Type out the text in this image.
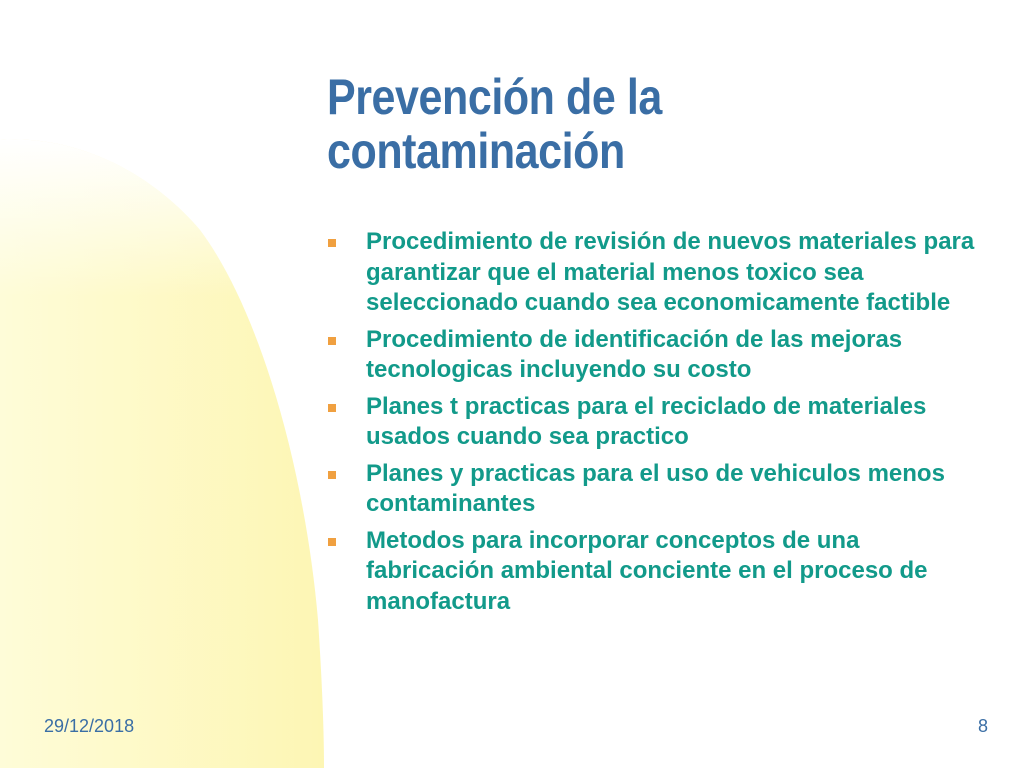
Prevención de la contaminación
Procedimiento de revisión de nuevos materiales para garantizar que el material menos toxico sea seleccionado cuando sea economicamente factible
Procedimiento de identificación de las mejoras tecnologicas incluyendo su costo
Planes t practicas para el reciclado de materiales usados cuando sea practico
Planes y practicas para el uso de vehiculos menos contaminantes
Metodos para incorporar conceptos de una fabricación ambiental conciente en el proceso de manofactura
29/12/2018	8
